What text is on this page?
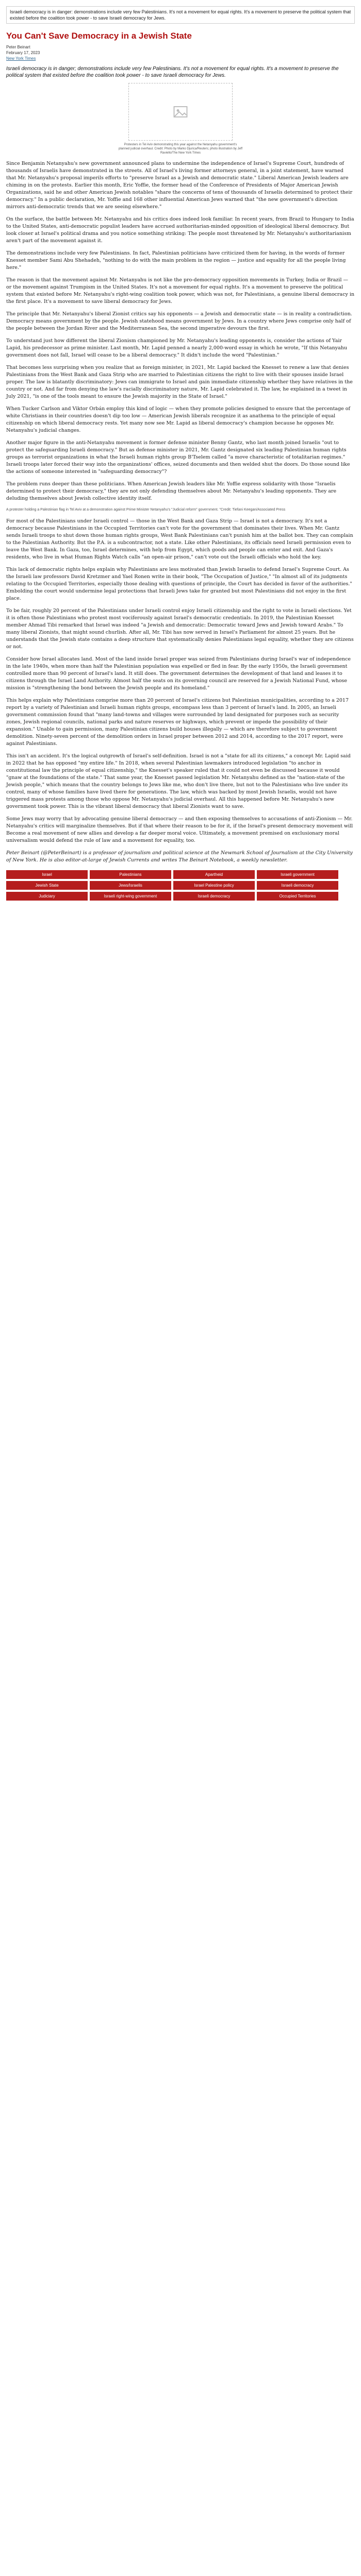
Israeli democracy is in danger: demonstrations include very few Palestinians. It's not a movement for equal rights. It's a movement to preserve the political system that existed before the coalition took power - to save Israeli democracy for Jews.
You Can't Save Democracy in a Jewish State
Peter Beinart
February 17, 2023
New York Times
Israeli democracy is in danger; demonstrations include very few Palestinians. It's not a movement for equal rights. It's a movement to preserve the political system that existed before the coalition took power - to save Israeli democracy for Jews.
Protesters in Tel Aviv demonstrating this year against the Netanyahu government's planned judicial overhaul. Credit: Photo by Marko Djurica/Reuters; photo illustration by Jeff Raviello/The New York Times
Since Benjamin Netanyahu's new government announced plans to undermine the independence of Israel's Supreme Court, hundreds of thousands of Israelis have demonstrated in the streets. All of Israel's living former attorneys general, in a joint statement, have warned that Mr. Netanyahu's proposal imperils efforts to "preserve Israel as a Jewish and democratic state." Liberal American Jewish leaders are chiming in on the protests. Earlier this month, Eric Yoffie, the former head of the Conference of Presidents of Major American Jewish Organizations, said he and other American Jewish notables "share the concerns of tens of thousands of Israelis determined to protect their democracy." In a public declaration, Mr. Yoffie and 168 other influential American Jews warned that "the new government's direction mirrors anti-democratic trends that we are seeing elsewhere."
On the surface, the battle between Mr. Netanyahu and his critics does indeed look familiar. In recent years, from Brazil to Hungary to India to the United States, anti-democratic populist leaders have accrued authoritarian-minded opposition of ideological liberal democracy. But look closer at Israel's political drama and you notice something striking: The people most threatened by Mr. Netanyahu's authoritarianism aren't part of the movement against it.
The demonstrations include very few Palestinians. In fact, Palestinian politicians have criticized them for having, in the words of former Knesset member Sami Abu Shehadeh, "nothing to do with the main problem in the region — justice and equality for all the people living here."
The reason is that the movement against Mr. Netanyahu is not like the pro-democracy opposition movements in Turkey, India or Brazil — or the movement against Trumpism in the United States. It's not a movement for equal rights. It's a movement to preserve the political system that existed before Mr. Netanyahu's right-wing coalition took power, which was not, for Palestinians, a genuine liberal democracy in the first place. It's a movement to save liberal democracy for Jews.
The principle that Mr. Netanyahu's liberal Zionist critics say his opponents — a Jewish and democratic state — is in reality a contradiction. Democracy means government by the people. Jewish statehood means government by Jews. In a country where Jews comprise only half of the people between the Jordan River and the Mediterranean Sea, the second imperative devours the first.
To understand just how different the liberal Zionism championed by Mr. Netanyahu's leading opponents is, consider the actions of Yair Lapid, his predecessor as prime minister. Last month, Mr. Lapid penned a nearly 2,000-word essay in which he wrote, "If this Netanyahu government does not fall, Israel will cease to be a liberal democracy." It didn't include the word "Palestinian."
That becomes less surprising when you realize that as foreign minister, in 2021, Mr. Lapid backed the Knesset to renew a law that denies Palestinians from the West Bank and Gaza Strip who are married to Palestinian citizens the right to live with their spouses inside Israel proper. The law is blatantly discriminatory: Jews can immigrate to Israel and gain immediate citizenship whether they have relatives in the country or not. And far from denying the law's racially discriminatory nature, Mr. Lapid celebrated it. The law, he explained in a tweet in July 2021, "is one of the tools meant to ensure the Jewish majority in the State of Israel."
When Tucker Carlson and Viktor Orbán employ this kind of logic — when they promote policies designed to ensure that the percentage of white Christians in their countries doesn't dip too low — American Jewish liberals recognize it as anathema to the principle of equal citizenship on which liberal democracy rests. Yet many now see Mr. Lapid as liberal democracy's champion because he opposes Mr. Netanyahu's judicial changes.
Another major figure in the anti-Netanyahu movement is former defense minister Benny Gantz, who last month joined Israelis "out to protect the safeguarding Israeli democracy." But as defense minister in 2021, Mr. Gantz designated six leading Palestinian human rights groups as terrorist organizations in what the Israeli human rights group B'Tselem called "a move characteristic of totalitarian regimes." Israeli troops later forced their way into the organizations' offices, seized documents and then welded shut the doors. Do those sound like the actions of someone interested in "safeguarding democracy"?
The problem runs deeper than these politicians. When American Jewish leaders like Mr. Yoffie express solidarity with those "Israelis determined to protect their democracy," they are not only defending themselves about Mr. Netanyahu's leading opponents. They are deluding themselves about Jewish collective identity itself.
A protester holding a Palestinian flag in Tel Aviv at a demonstration against Prime Minister Netanyahu's "Judicial reform" government. "Credit: Tiefani Keegan/Associated Press
For most of the Palestinians under Israeli control — those in the West Bank and Gaza Strip — Israel is not a democracy. It's not a democracy because Palestinians in the Occupied Territories can't vote for the government that dominates their lives. When Mr. Gantz sends Israeli troops to shut down those human rights groups, West Bank Palestinians can't punish him at the ballot box. They can complain to the Palestinian Authority. But the P.A. is a subcontractor, not a state. Like other Palestinians, its officials need Israeli permission even to leave the West Bank. In Gaza, too, Israel determines, with help from Egypt, which goods and people can enter and exit. And Gaza's residents, who live in what Human Rights Watch calls "an open-air prison," can't vote out the Israeli officials who hold the key.
This lack of democratic rights helps explain why Palestinians are less motivated than Jewish Israelis to defend Israel's Supreme Court. As the Israeli law professors David Kretzmer and Yael Ronen write in their book, "The Occupation of Justice," "In almost all of its judgments relating to the Occupied Territories, especially those dealing with questions of principle, the Court has decided in favor of the authorities." Embolding the court would undermine legal protections that Israeli Jews take for granted but most Palestinians did not enjoy in the first place.
To be fair, roughly 20 percent of the Palestinians under Israeli control enjoy Israeli citizenship and the right to vote in Israeli elections. Yet it is often those Palestinians who protest most vociferously against Israel's democratic credentials. In 2019, the Palestinian Knesset member Ahmad Tibi remarked that Israel was indeed "a Jewish and democratic: Democratic toward Jews and Jewish toward Arabs." To many liberal Zionists, that might sound churlish. After all, Mr. Tibi has now served in Israel's Parliament for almost 25 years. But he understands that the Jewish state contains a deep structure that systematically denies Palestinians legal equality, whether they are citizens or not.
Consider how Israel allocates land. Most of the land inside Israel proper was seized from Palestinians during Israel's war of independence in the late 1940s, when more than half the Palestinian population was expelled or fled in fear. By the early 1950s, the Israeli government controlled more than 90 percent of Israel's land. It still does. The government determines the development of that land and leases it to citizens through the Israel Land Authority. Almost half the seats on its governing council are reserved for a Jewish National Fund, whose mission is "strengthening the bond between the Jewish people and its homeland."
This helps explain why Palestinians comprise more than 20 percent of Israel's citizens but Palestinian municipalities, according to a 2017 report by a variety of Palestinian and Israeli human rights groups, encompass less than 3 percent of Israel's land. In 2005, an Israeli government commission found that "many land-towns and villages were surrounded by land designated for purposes such as security zones, Jewish regional councils, national parks and nature reserves or highways, which prevent or impede the possibility of their expansion." Unable to gain permission, many Palestinian citizens build houses illegally — which are therefore subject to government demolition. Ninety-seven percent of the demolition orders in Israel proper between 2012 and 2014, according to the 2017 report, were against Palestinians.
This isn't an accident. It's the logical outgrowth of Israel's self-definition. Israel is not a "state for all its citizens," a concept Mr. Lapid said in 2022 that he has opposed "my entire life." In 2018, when several Palestinian lawmakers introduced legislation "to anchor in constitutional law the principle of equal citizenship," the Knesset's speaker ruled that it could not even be discussed because it would "gnaw at the foundations of the state." That same year, the Knesset passed legislation Mr. Netanyahu defined as the "nation-state of the Jewish people," which means that the country belongs to Jews like me, who don't live there, but not to the Palestinians who live under its control, many of whose families have lived there for generations. The law, which was backed by most Jewish Israelis, would not have triggered mass protests among those who oppose Mr. Netanyahu's judicial overhaul. All this happened before Mr. Netanyahu's new government took power. This is the vibrant liberal democracy that liberal Zionists want to save.
Some Jews may worry that by advocating genuine liberal democracy — and then exposing themselves to accusations of anti-Zionism — Mr. Netanyahu's critics will marginalize themselves. But if that where their reason to be for it, if the Israel's present democracy movement will Become a real movement of new allies and develop a far deeper moral voice. Ultimately, a movement premised on exclusionary moral universalism would defend the rule of law and a movement for equality, too.
Peter Beinart (@PeterBeinart) is a professor of journalism and political science at the Newmark School of Journalism at the City University of New York. He is also editor-at-large of Jewish Currents and writes The Beinart Notebook, a weekly newsletter.
Israel	Palestinians	Apartheid	Israeli government
Jewish State	Jews/Israelis	Israel Palestine policy	Israeli democracy
Judiciary	Israeli right-wing government	Israeli democracy	Occupied Territories
